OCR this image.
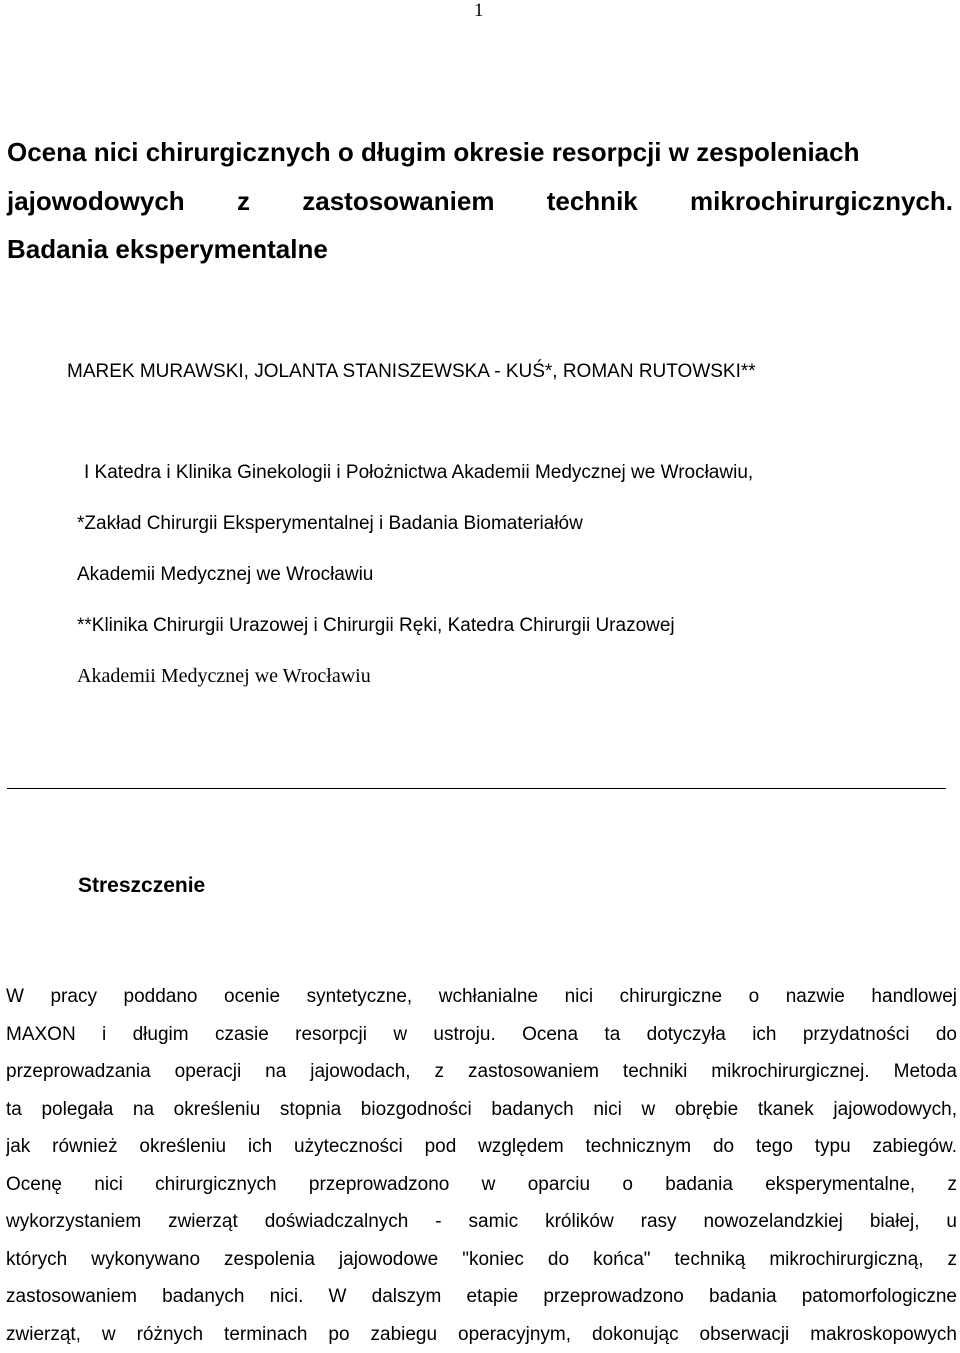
1
Ocena nici chirurgicznych o długim okresie resorpcji w zespoleniach
jajowodowych z zastosowaniem technik mikrochirurgicznych.
Badania eksperymentalne
MAREK MURAWSKI, JOLANTA STANISZEWSKA - KUŚ*, ROMAN RUTOWSKI**
I Katedra i Klinika Ginekologii i Położnictwa Akademii Medycznej we Wrocławiu,
*Zakład Chirurgii Eksperymentalnej i Badania Biomateriałów
Akademii Medycznej we Wrocławiu
**Klinika Chirurgii Urazowej i Chirurgii Ręki, Katedra Chirurgii Urazowej
Akademii Medycznej we Wrocławiu
Streszczenie
W pracy poddano ocenie syntetyczne, wchłanialne nici chirurgiczne o nazwie handlowej
MAXON i długim czasie resorpcji w ustroju. Ocena ta dotyczyła ich przydatności do
przeprowadzania operacji na jajowodach, z zastosowaniem techniki mikrochirurgicznej. Metoda
ta polegała na określeniu stopnia biozgodności badanych nici w obrębie tkanek jajowodowych,
jak również określeniu ich użyteczności pod względem technicznym do tego typu zabiegów.
Ocenę nici chirurgicznych przeprowadzono w oparciu o badania eksperymentalne, z
wykorzystaniem zwierząt doświadczalnych - samic królików rasy nowozelandzkiej białej, u
których wykonywano zespolenia jajowodowe "koniec do końca" techniką mikrochirurgiczną, z
zastosowaniem badanych nici. W dalszym etapie przeprowadzono badania patomorfologiczne
zwierząt, w różnych terminach po zabiegu operacyjnym, dokonując obserwacji makroskopowych
